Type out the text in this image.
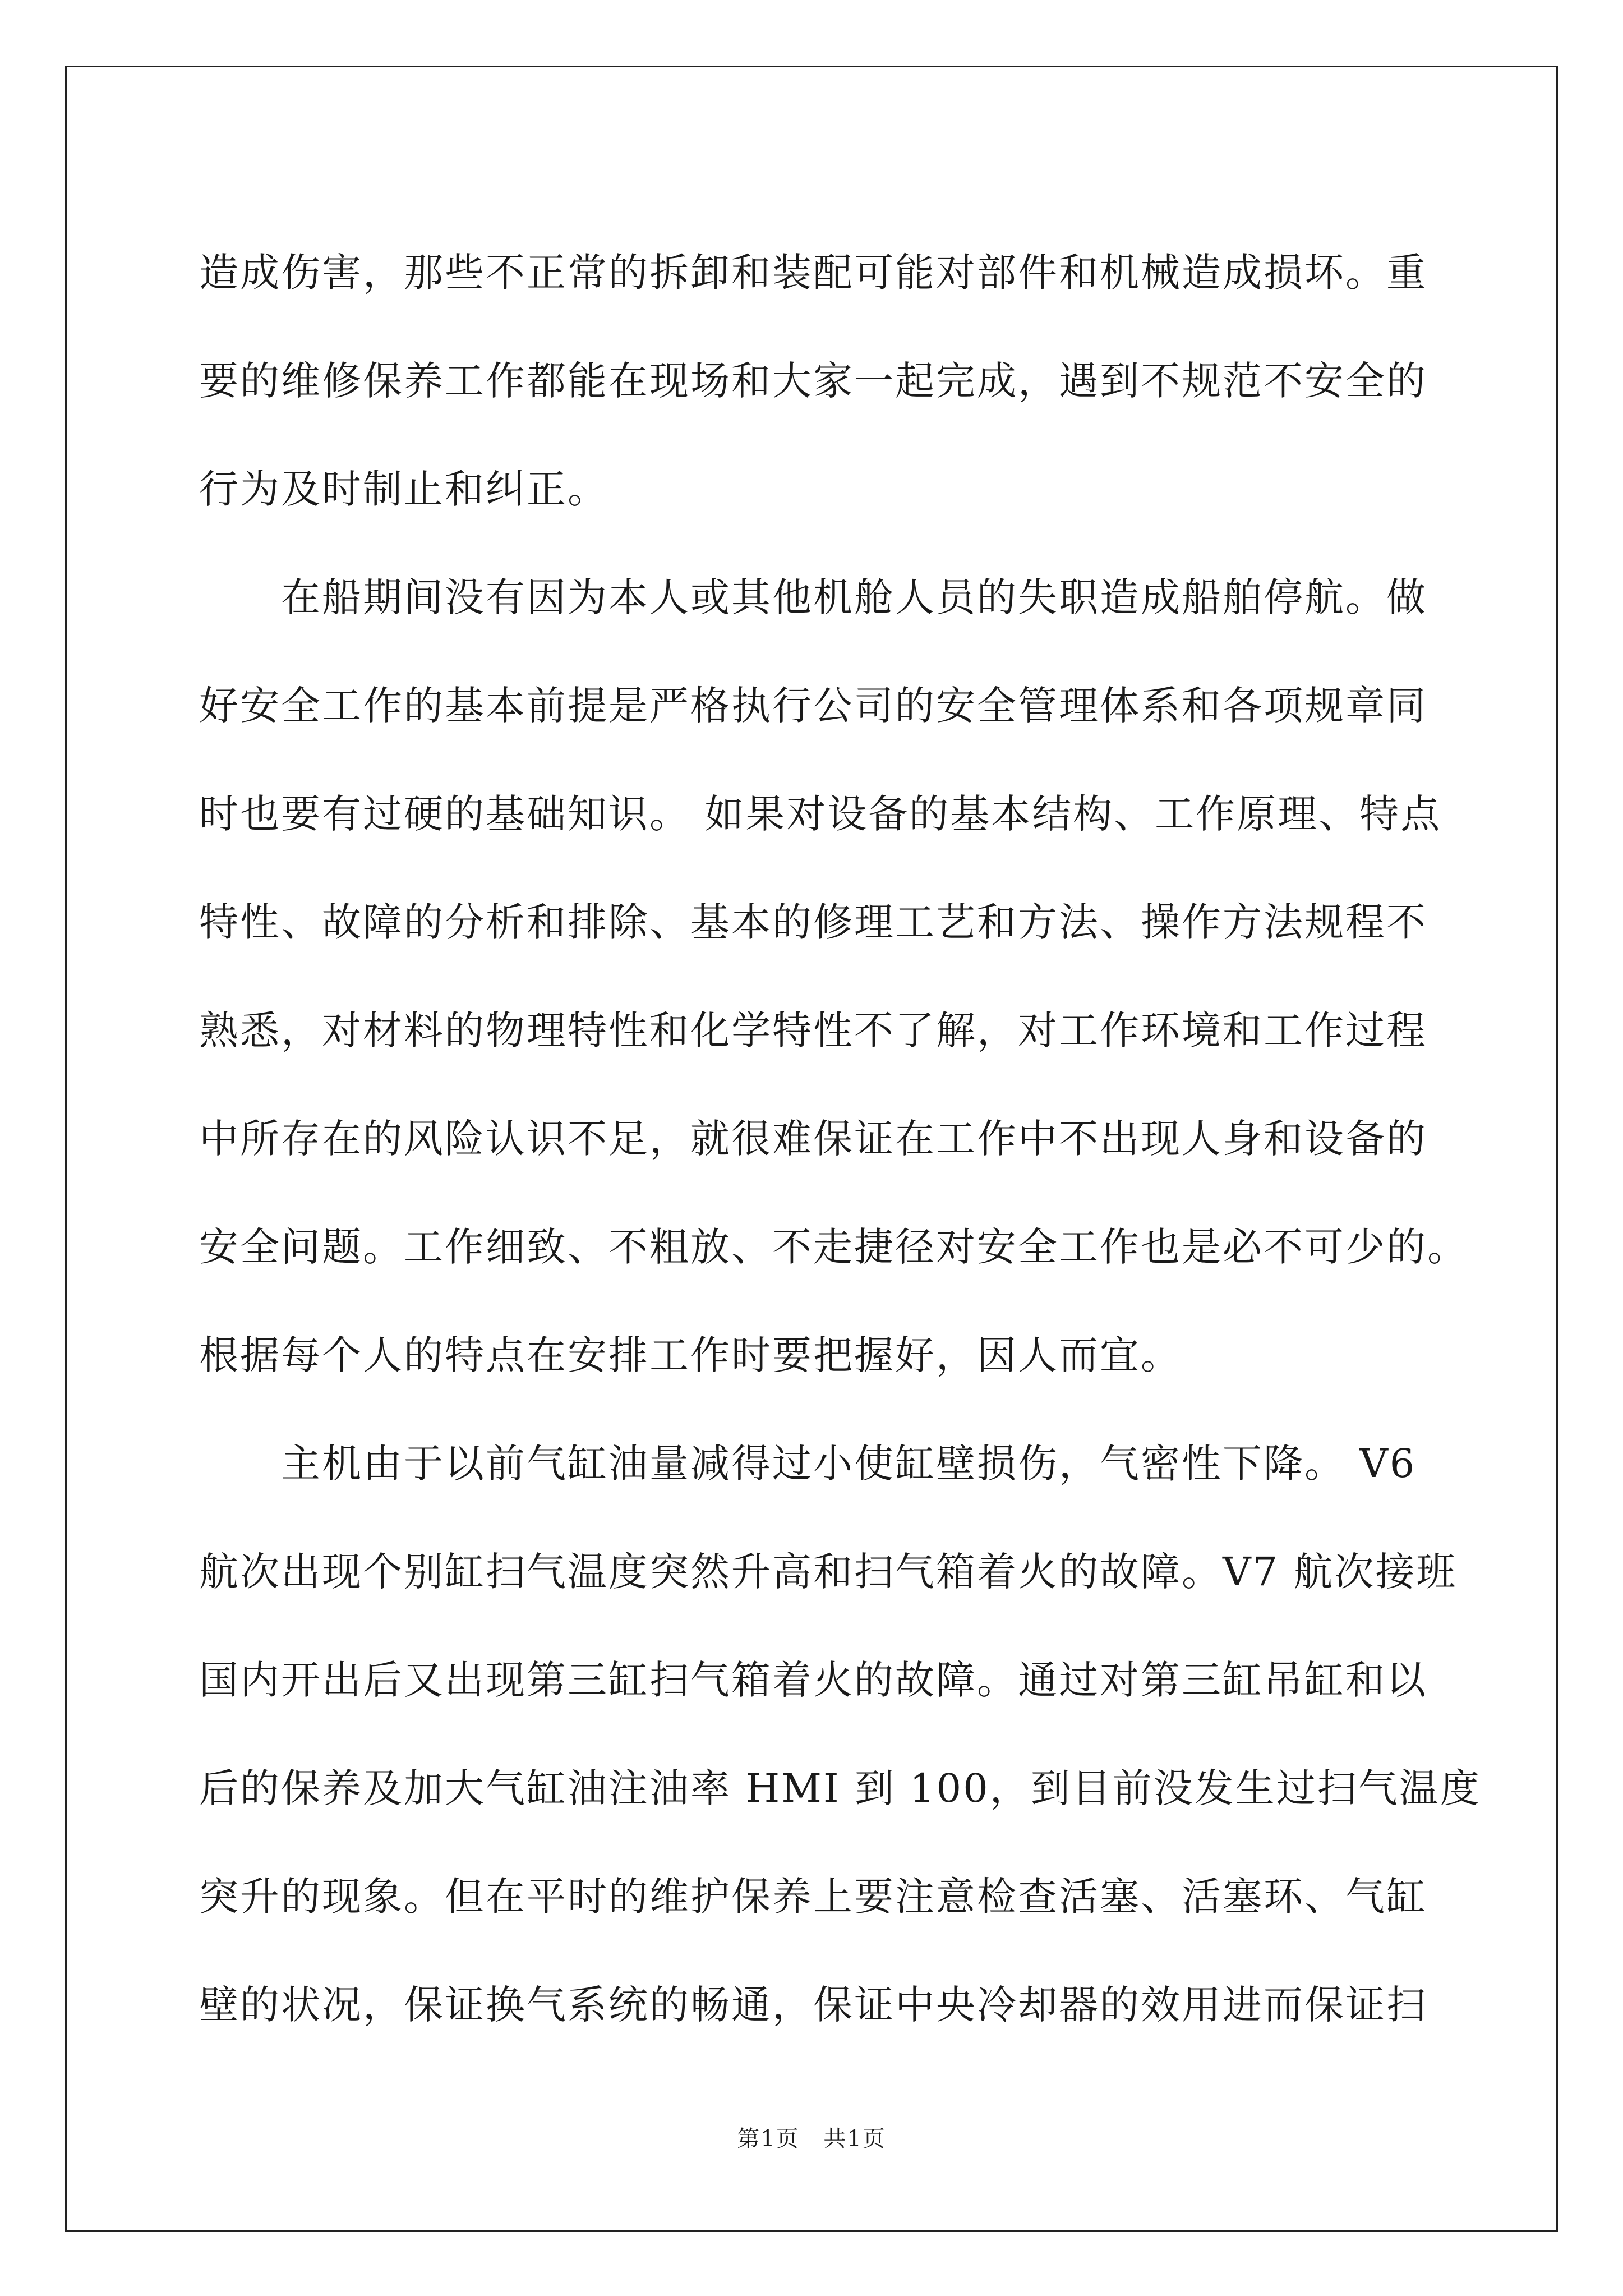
造成伤害，那些不正常的拆卸和装配可能对部件和机械造成损坏。重
要的维修保养工作都能在现场和大家一起完成，遇到不规范不安全的
行为及时制止和纠正。
在船期间没有因为本人或其他机舱人员的失职造成船舶停航。做
好安全工作的基本前提是严格执行公司的安全管理体系和各项规章同
时也要有过硬的基础知识。 如果对设备的基本结构、工作原理、特点
特性、故障的分析和排除、基本的修理工艺和方法、操作方法规程不
熟悉，对材料的物理特性和化学特性不了解，对工作环境和工作过程
中所存在的风险认识不足，就很难保证在工作中不出现人身和设备的
安全问题。工作细致、不粗放、不走捷径对安全工作也是必不可少的。
根据每个人的特点在安排工作时要把握好，因人而宜。
主机由于以前气缸油量减得过小使缸壁损伤，气密性下降。 V6
航次出现个别缸扫气温度突然升高和扫气箱着火的故障。V7 航次接班
国内开出后又出现第三缸扫气箱着火的故障。通过对第三缸吊缸和以
后的保养及加大气缸油注油率 HMI 到 100，到目前没发生过扫气温度
突升的现象。但在平时的维护保养上要注意检查活塞、活塞环、气缸
壁的状况，保证换气系统的畅通，保证中央冷却器的效用进而保证扫
第1页 共1页
